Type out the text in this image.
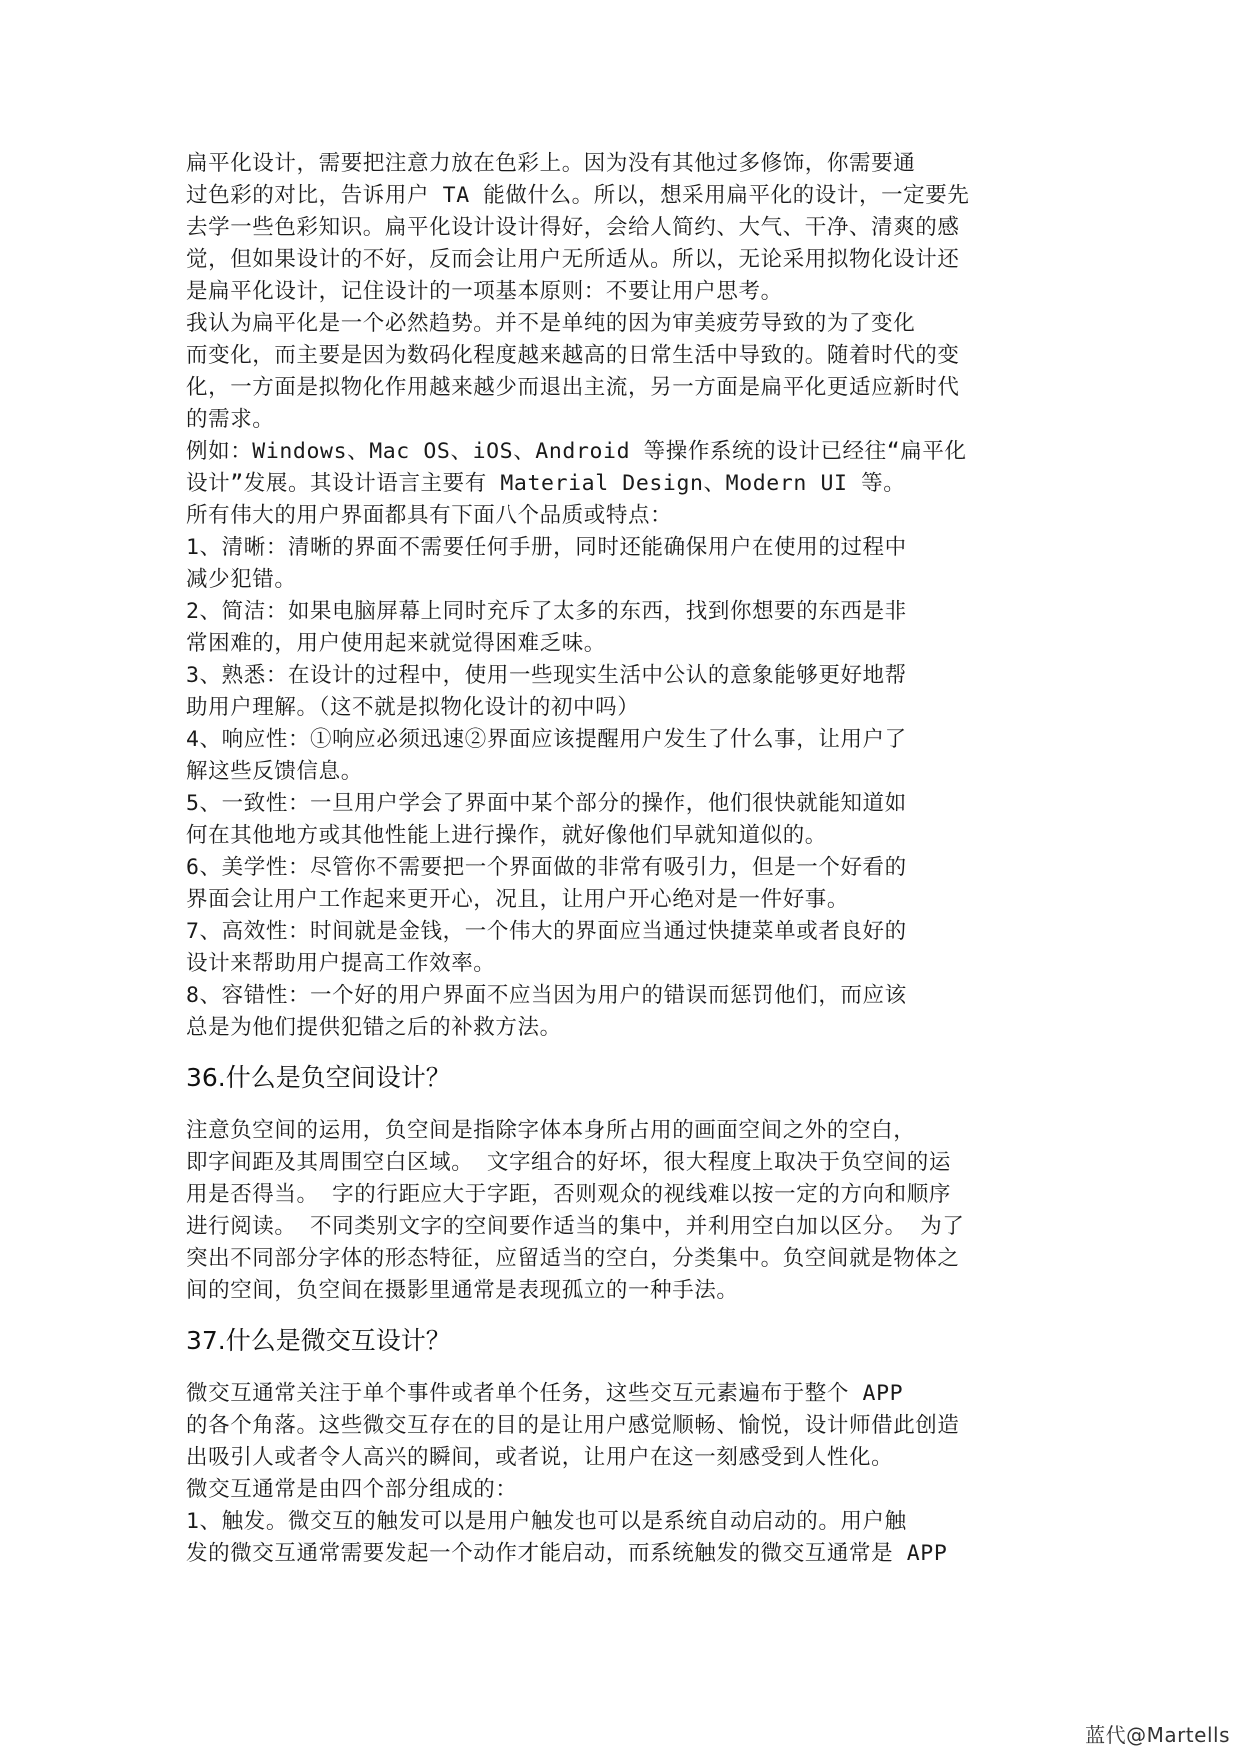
扁平化设计，需要把注意力放在色彩上。因为没有其他过多修饰，你需要通
过色彩的对比，告诉用户 TA 能做什么。所以，想采用扁平化的设计，一定要先
去学一些色彩知识。扁平化设计设计得好，会给人简约、大气、干净、清爽的感
觉，但如果设计的不好，反而会让用户无所适从。所以，无论采用拟物化设计还
是扁平化设计，记住设计的一项基本原则：不要让用户思考。
我认为扁平化是一个必然趋势。并不是单纯的因为审美疲劳导致的为了变化
而变化，而主要是因为数码化程度越来越高的日常生活中导致的。随着时代的变
化，一方面是拟物化作用越来越少而退出主流，另一方面是扁平化更适应新时代
的需求。
例如：Windows、Mac OS、iOS、Android 等操作系统的设计已经往“扁平化
设计”发展。其设计语言主要有 Material Design、Modern UI 等。
所有伟大的用户界面都具有下面八个品质或特点：
1、清晰：清晰的界面不需要任何手册，同时还能确保用户在使用的过程中
减少犯错。
2、简洁：如果电脑屏幕上同时充斥了太多的东西，找到你想要的东西是非
常困难的，用户使用起来就觉得困难乏味。
3、熟悉：在设计的过程中，使用一些现实生活中公认的意象能够更好地帮
助用户理解。（这不就是拟物化设计的初中吗）
4、响应性：①响应必须迅速②界面应该提醒用户发生了什么事，让用户了
解这些反馈信息。
5、一致性：一旦用户学会了界面中某个部分的操作，他们很快就能知道如
何在其他地方或其他性能上进行操作，就好像他们早就知道似的。
6、美学性：尽管你不需要把一个界面做的非常有吸引力，但是一个好看的
界面会让用户工作起来更开心，况且，让用户开心绝对是一件好事。
7、高效性：时间就是金钱，一个伟大的界面应当通过快捷菜单或者良好的
设计来帮助用户提高工作效率。
8、容错性：一个好的用户界面不应当因为用户的错误而惩罚他们，而应该
总是为他们提供犯错之后的补救方法。
36.什么是负空间设计？
注意负空间的运用，负空间是指除字体本身所占用的画面空间之外的空白，
即字间距及其周围空白区域。 文字组合的好坏，很大程度上取决于负空间的运
用是否得当。 字的行距应大于字距，否则观众的视线难以按一定的方向和顺序
进行阅读。 不同类别文字的空间要作适当的集中，并利用空白加以区分。 为了
突出不同部分字体的形态特征，应留适当的空白，分类集中。负空间就是物体之
间的空间，负空间在摄影里通常是表现孤立的一种手法。
37.什么是微交互设计？
微交互通常关注于单个事件或者单个任务，这些交互元素遍布于整个 APP
的各个角落。这些微交互存在的目的是让用户感觉顺畅、愉悦，设计师借此创造
出吸引人或者令人高兴的瞬间，或者说，让用户在这一刻感受到人性化。
微交互通常是由四个部分组成的：
1、触发。微交互的触发可以是用户触发也可以是系统自动启动的。用户触
发的微交互通常需要发起一个动作才能启动，而系统触发的微交互通常是 APP
蓝代@Martells
